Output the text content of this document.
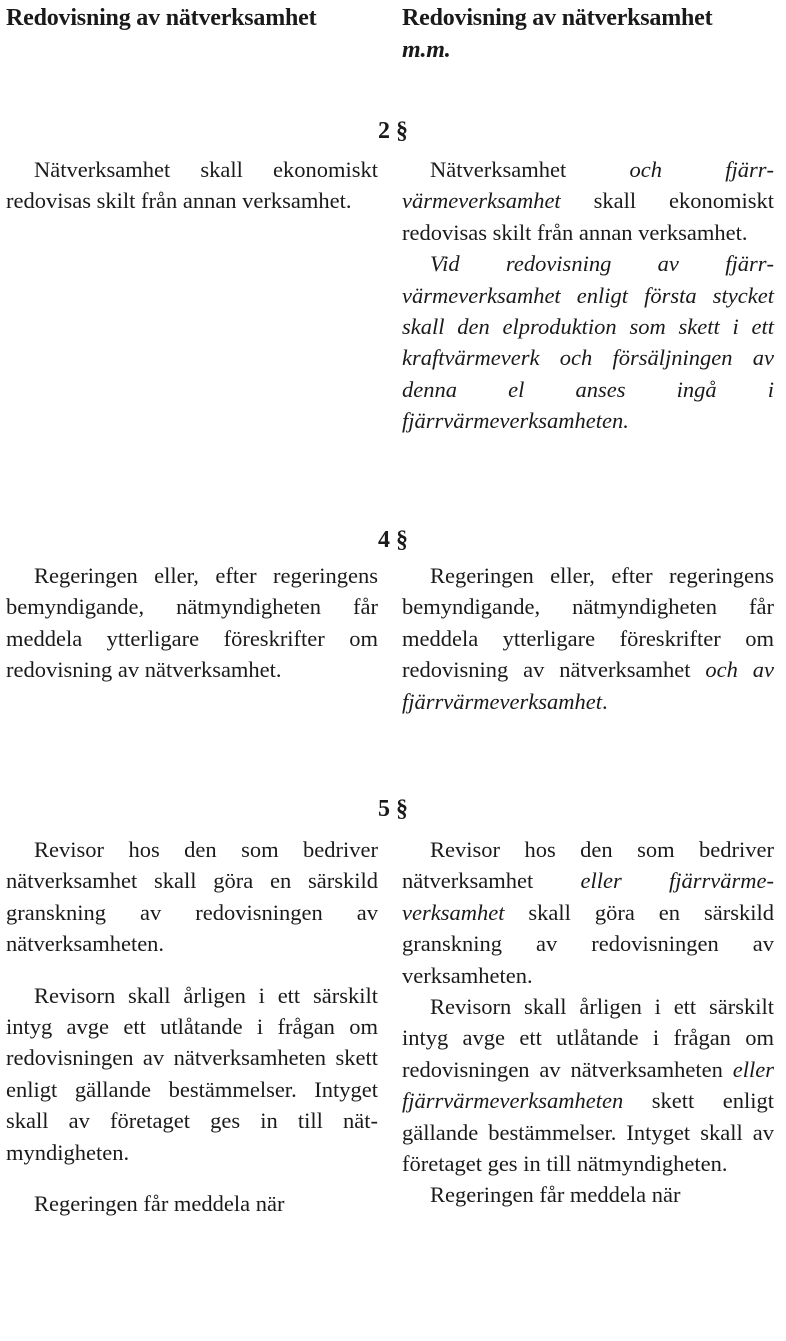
Redovisning av nätverksamhet	Redovisning av nätverksamhet
m.m.

2 §

Nätverksamhet skall ekonomiskt redovisas skilt från annan verksamhet.

Nätverksamhet och fjärrvärmeverksamhet skall ekonomiskt redovisas skilt från annan verksamhet.

Vid redovisning av fjärrvärmeverksamhet enligt första stycket skall den elproduktion som skett i ett kraftvärmeverk och försäljningen av denna el anses ingå i fjärrvärmeverksamheten.

4 §

Regeringen eller, efter regeringens bemyndigande, nätmyndigheten får meddela ytterligare föreskrifter om redovisning av nätverksamhet.

Regeringen eller, efter regeringens bemyndigande, nätmyndigheten får meddela ytterligare föreskrifter om redovisning av nätverksamhet och av fjärrvärmeverksamhet.

5 §

Revisor hos den som bedriver nätverksamhet skall göra en särskild granskning av redovisningen av nätverksamheten.

Revisorn skall årligen i ett särskilt intyg avge ett utlåtande i frågan om redovisningen av nätverksamheten skett enligt gällande bestämmelser. Intyget skall av företaget ges in till nätmyndigheten.

Regeringen får meddela när

Revisor hos den som bedriver nätverksamhet eller fjärrvärmeverksamhet skall göra en särskild granskning av redovisningen av verksamheten.

Revisorn skall årligen i ett särskilt intyg avge ett utlåtande i frågan om redovisningen av nätverksamheten eller fjärrvärmeverksamheten skett enligt gällande bestämmelser. Intyget skall av företaget ges in till nätmyndigheten.

Regeringen får meddela när
